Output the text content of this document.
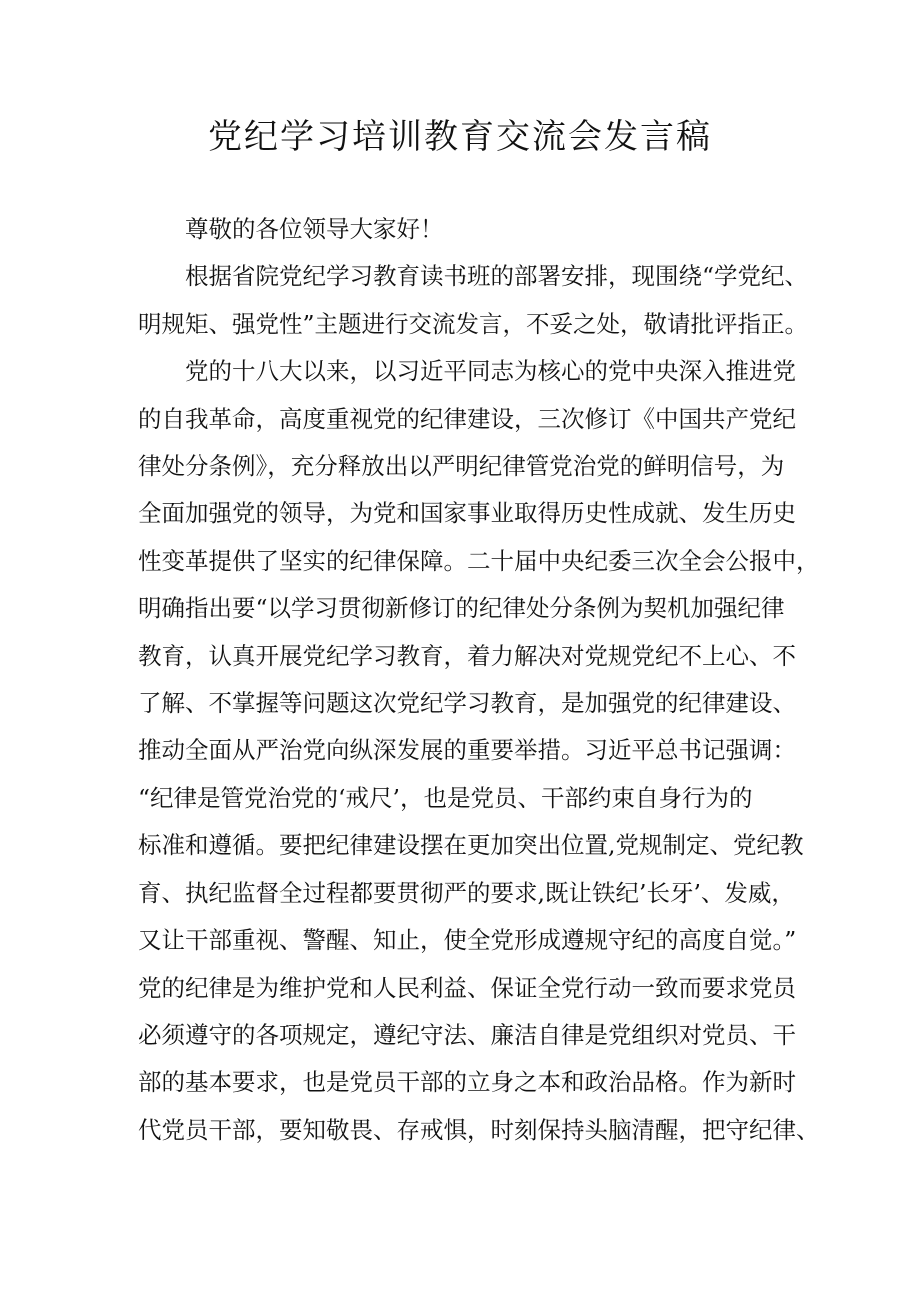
党纪学习培训教育交流会发言稿

尊敬的各位领导大家好！

根据省院党纪学习教育读书班的部署安排，现围绕“学党纪、
明规矩、强党性”主题进行交流发言，不妥之处，敬请批评指正。

党的十八大以来，以习近平同志为核心的党中央深入推进党
的自我革命，高度重视党的纪律建设，三次修订《中国共产党纪
律处分条例》，充分释放出以严明纪律管党治党的鲜明信号，为
全面加强党的领导，为党和国家事业取得历史性成就、发生历史
性变革提供了坚实的纪律保障。二十届中央纪委三次全会公报中，
明确指出要“以学习贯彻新修订的纪律处分条例为契机加强纪律
教育，认真开展党纪学习教育，着力解决对党规党纪不上心、不
了解、不掌握等问题这次党纪学习教育，是加强党的纪律建设、
推动全面从严治党向纵深发展的重要举措。习近平总书记强调：
“纪律是管党治党的‘戒尺’，也是党员、干部约束自身行为的
标准和遵循。要把纪律建设摆在更加突出位置,党规制定、党纪教
育、执纪监督全过程都要贯彻严的要求,既让铁纪’长牙’、发威，
又让干部重视、警醒、知止，使全党形成遵规守纪的高度自觉。”
党的纪律是为维护党和人民利益、保证全党行动一致而要求党员
必须遵守的各项规定，遵纪守法、廉洁自律是党组织对党员、干
部的基本要求，也是党员干部的立身之本和政治品格。作为新时
代党员干部，要知敬畏、存戒惧，时刻保持头脑清醒，把守纪律、
